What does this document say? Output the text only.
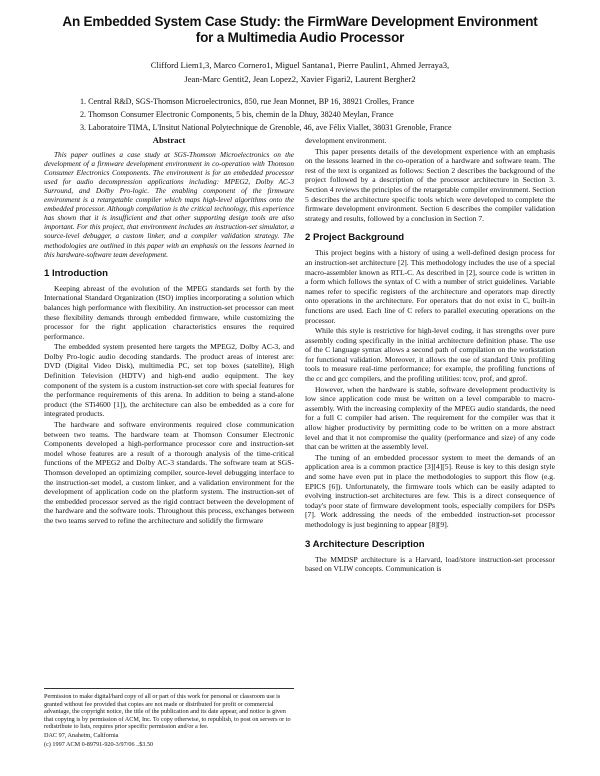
An Embedded System Case Study: the FirmWare Development Environment
for a Multimedia Audio Processor
Clifford Liem1,3, Marco Cornero1, Miguel Santana1, Pierre Paulin1, Ahmed Jerraya3,
Jean-Marc Gentit2, Jean Lopez2, Xavier Figari2, Laurent Bergher2
1. Central R&D, SGS-Thomson Microelectronics, 850, rue Jean Monnet, BP 16, 38921 Crolles, France
2. Thomson Consumer Electronic Components, 5 bis, chemin de la Dhuy, 38240 Meylan, France
3. Laboratoire TIMA, L'Insitut National Polytechnique de Grenoble, 46, ave Félix Viallet, 38031 Grenoble, France
Abstract

This paper outlines a case study at SGS-Thomson Microelectronics on the development of a firmware development environment in co-operation with Thomson Consumer Electronics Components. The environment is for an embedded processor used for audio decompression applications including: MPEG2, Dolby AC-3 Surround, and Dolby Pro-logic. The enabling component of the firmware environment is a retargetable compiler which maps high-level algorithms onto the embedded processor. Although compilation is the critical technology, this experience has shown that it is insufficient and that other supporting design tools are also important. For this project, that environment includes an instruction-set simulator, a source-level debugger, a custom linker, and a compiler validation strategy. The methodologies are outlined in this paper with an emphasis on the lessons learned in this hardware-software team development.

1 Introduction

Keeping abreast of the evolution of the MPEG standards set forth by the International Standard Organization (ISO) implies incorporating a solution which balances high performance with flexibility. An instruction-set processor can meet these flexibility demands through embedded firmware, while customizing the processor for the right application characteristics ensures the required performance.

The embedded system presented here targets the MPEG2, Dolby AC-3, and Dolby Pro-logic audio decoding standards. The product areas of interest are: DVD (Digital Video Disk), multimedia PC, set top boxes (satellite), High Definition Television (HDTV) and high-end audio equipment. The key component of the system is a custom instruction-set core with special features for the performance requirements of this arena. In addition to being a stand-alone product (the STi4600 [1]), the architecture can also be embedded as a core for integrated products.

The hardware and software environments required close communication between two teams. The hardware team at Thomson Consumer Electronic Components developed a high-performance processor core and instruction-set model whose features are a result of a thorough analysis of the time-critical functions of the MPEG2 and Dolby AC-3 standards. The software team at SGS-Thomson developed an optimizing compiler, source-level debugging interface to the instruction-set model, a custom linker, and a validation environment for the development of application code on the platform system. The instruction-set of the embedded processor served as the rigid contract between the development of the hardware and the software tools. Throughout this process, exchanges between the two teams served to refine the architecture and solidify the firmware

Permission to make digital/hard copy of all or part of this work for personal or classroom use is granted without fee provided that copies are not made or distributed for profit or commercial advantage, the copyright notice, the title of the publication and its date appear, and notice is given that copying is by permission of ACM, Inc. To copy otherwise, to republish, to post on servers or to redistribute to lists, requires prior specific permission and/or a fee.

DAC 97, Anaheim, California

(c) 1997 ACM 0-89791-920-3/97/06 ..$3.50

development environment.

This paper presents details of the development experience with an emphasis on the lessons learned in the co-operation of a hardware and software team. The rest of the text is organized as follows: Section 2 describes the background of the project followed by a description of the processor architecture in Section 3. Section 4 reviews the principles of the retargetable compiler environment. Section 5 describes the architecture specific tools which were developed to complete the firmware development environment. Section 6 describes the compiler validation strategy and results, followed by a conclusion in Section 7.

2 Project Background

This project begins with a history of using a well-defined design process for an instruction-set architecture [2]. This methodology includes the use of a special macro-assembler known as RTL-C. As described in [2], source code is written in a form which follows the syntax of C with a number of strict guidelines. Variable names refer to specific registers of the architecture and operators map directly onto operations in the architecture. For operators that do not exist in C, built-in functions are used. Each line of C refers to parallel executing operations on the processor.

While this style is restrictive for high-level coding, it has strengths over pure assembly coding specifically in the initial architecture definition phase. The use of the C language syntax allows a second path of compilation on the workstation for functional validation. Moreover, it allows the use of standard Unix profiling tools to measure real-time performance; for example, the profiling functions of the cc and gcc compilers, and the profiling utilities: tcov, prof, and gprof.

However, when the hardware is stable, software development productivity is low since application code must be written on a level comparable to macro-assembly. With the increasing complexity of the MPEG audio standards, the need for a full C compiler had arisen. The requirement for the compiler was that it allow higher productivity by permitting code to be written on a more abstract level and that it not compromise the quality (performance and size) of any code that can be written at the assembly level.

The tuning of an embedded processor system to meet the demands of an application area is a common practice [3][4][5]. Reuse is key to this design style and some have even put in place the methodologies to support this flow (e.g. EPICS [6]). Unfortunately, the firmware tools which can be easily adapted to evolving instruction-set architectures are few. This is a direct consequence of today's poor state of firmware development tools, especially compilers for DSPs [7]. Work addressing the needs of the embedded instruction-set processor methodology is just beginning to appear [8][9].

3 Architecture Description

The MMDSP architecture is a Harvard, load/store instruction-set processor based on VLIW concepts. Communication is
